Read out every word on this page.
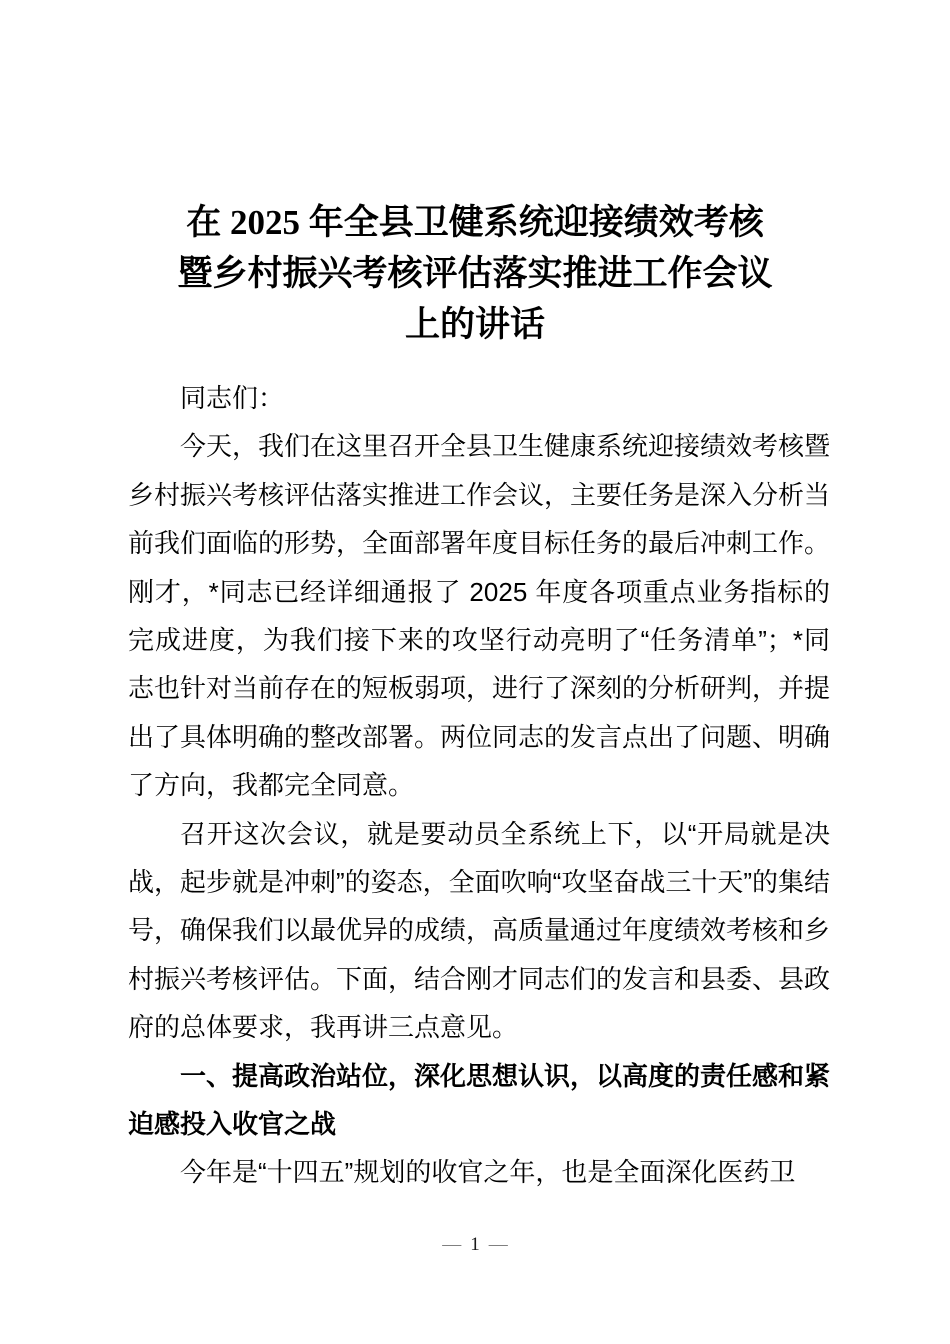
在 2025 年全县卫健系统迎接绩效考核
暨乡村振兴考核评估落实推进工作会议
上的讲话

同志们：

今天，我们在这里召开全县卫生健康系统迎接绩效考核暨乡村振兴考核评估落实推进工作会议，主要任务是深入分析当前我们面临的形势，全面部署年度目标任务的最后冲刺工作。刚才，*同志已经详细通报了 2025 年度各项重点业务指标的完成进度，为我们接下来的攻坚行动亮明了“任务清单”；*同志也针对当前存在的短板弱项，进行了深刻的分析研判，并提出了具体明确的整改部署。两位同志的发言点出了问题、明确了方向，我都完全同意。

召开这次会议，就是要动员全系统上下，以“开局就是决战，起步就是冲刺”的姿态，全面吹响“攻坚奋战三十天”的集结号，确保我们以最优异的成绩，高质量通过年度绩效考核和乡村振兴考核评估。下面，结合刚才同志们的发言和县委、县政府的总体要求，我再讲三点意见。

一、提高政治站位，深化思想认识，以高度的责任感和紧迫感投入收官之战

今年是“十四五”规划的收官之年，也是全面深化医药卫

— 1 —
